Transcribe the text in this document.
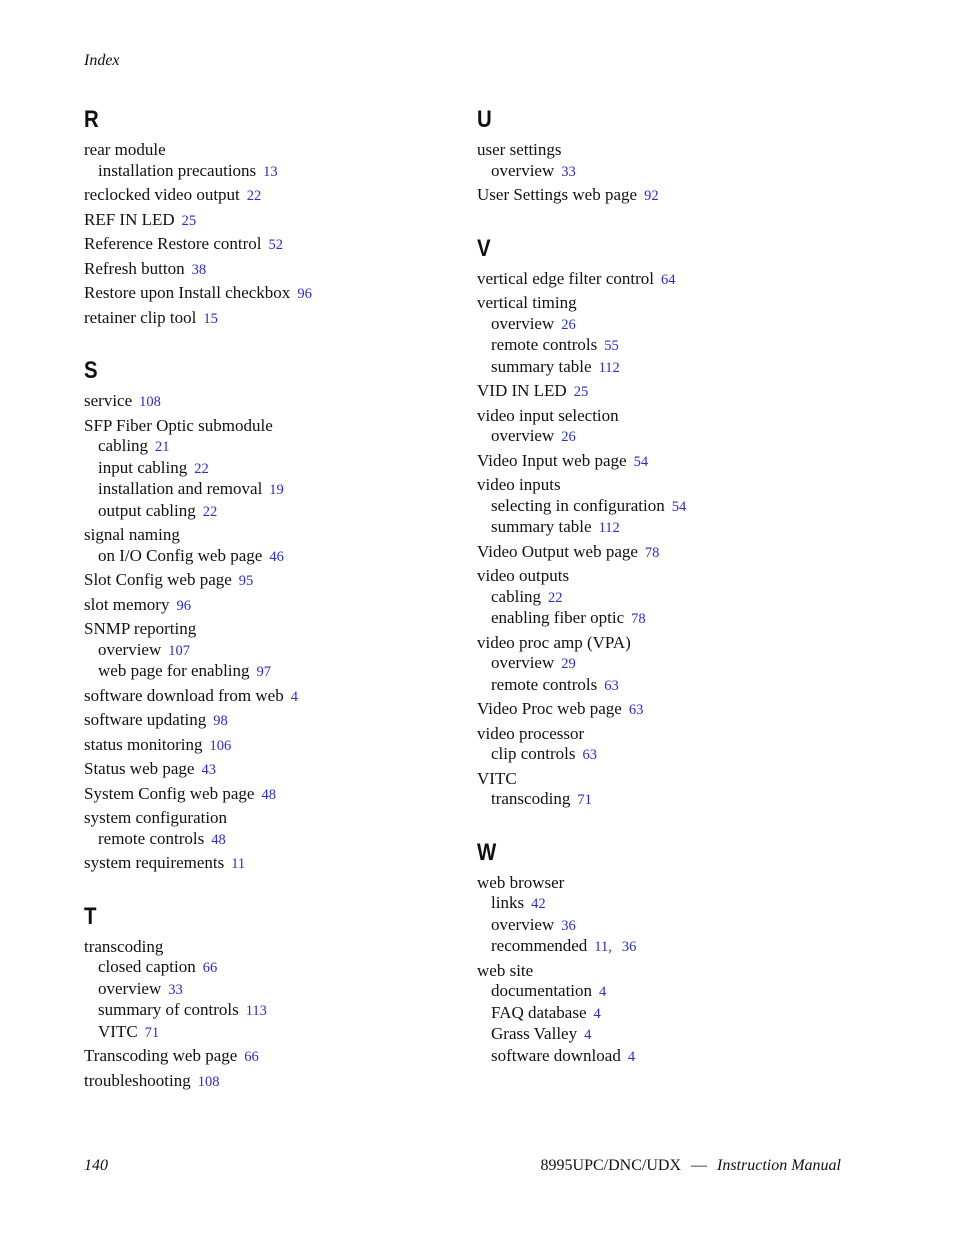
Index
R
rear module
installation precautions 13
reclocked video output 22
REF IN LED 25
Reference Restore control 52
Refresh button 38
Restore upon Install checkbox 96
retainer clip tool 15
S
service 108
SFP Fiber Optic submodule
cabling 21
input cabling 22
installation and removal 19
output cabling 22
signal naming
on I/O Config web page 46
Slot Config web page 95
slot memory 96
SNMP reporting
overview 107
web page for enabling 97
software download from web 4
software updating 98
status monitoring 106
Status web page 43
System Config web page 48
system configuration
remote controls 48
system requirements 11
T
transcoding
closed caption 66
overview 33
summary of controls 113
VITC 71
Transcoding web page 66
troubleshooting 108
U
user settings
overview 33
User Settings web page 92
V
vertical edge filter control 64
vertical timing
overview 26
remote controls 55
summary table 112
VID IN LED 25
video input selection
overview 26
Video Input web page 54
video inputs
selecting in configuration 54
summary table 112
Video Output web page 78
video outputs
cabling 22
enabling fiber optic 78
video proc amp (VPA)
overview 29
remote controls 63
Video Proc web page 63
video processor
clip controls 63
VITC
transcoding 71
W
web browser
links 42
overview 36
recommended 11, 36
web site
documentation 4
FAQ database 4
Grass Valley 4
software download 4
140	8995UPC/DNC/UDX — Instruction Manual
